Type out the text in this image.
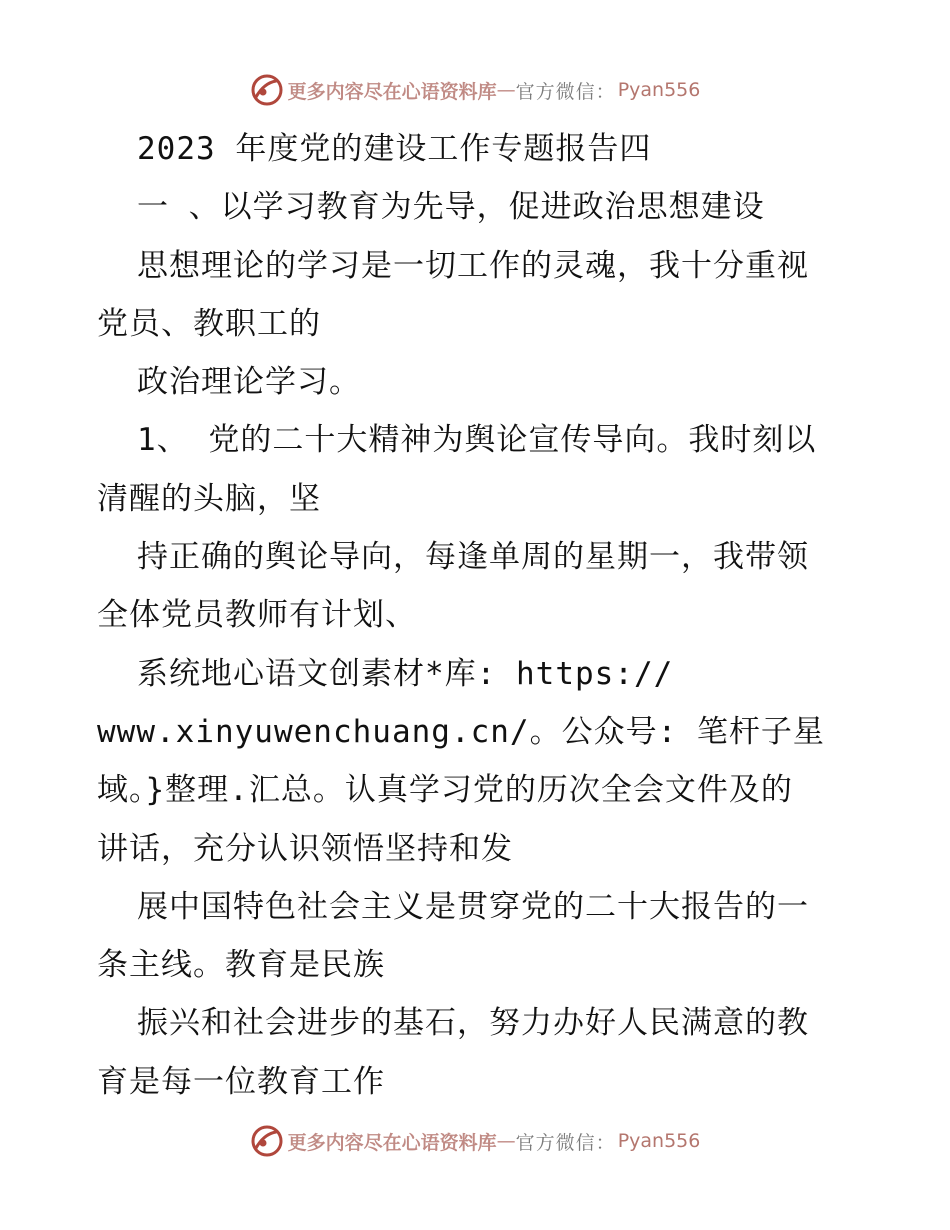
更多内容尽在心语资料库 — 官方微信： Pyan556
2023 年度党的建设工作专题报告四
一 、以学习教育为先导，促进政治思想建设
思想理论的学习是一切工作的灵魂，我十分重视
党员、教职工的
政治理论学习。
1、 党的二十大精神为舆论宣传导向。我时刻以
清醒的头脑，坚
持正确的舆论导向，每逢单周的星期一，我带领
全体党员教师有计划、
系统地心语文创素材*库: https://
www.xinyuwenchuang.cn/。公众号: 笔杆子星
域。}整理.汇总。认真学习党的历次全会文件及的
讲话，充分认识领悟坚持和发
展中国特色社会主义是贯穿党的二十大报告的一
条主线。教育是民族
振兴和社会进步的基石，努力办好人民满意的教
育是每一位教育工作
更多内容尽在心语资料库 — 官方微信： Pyan556
